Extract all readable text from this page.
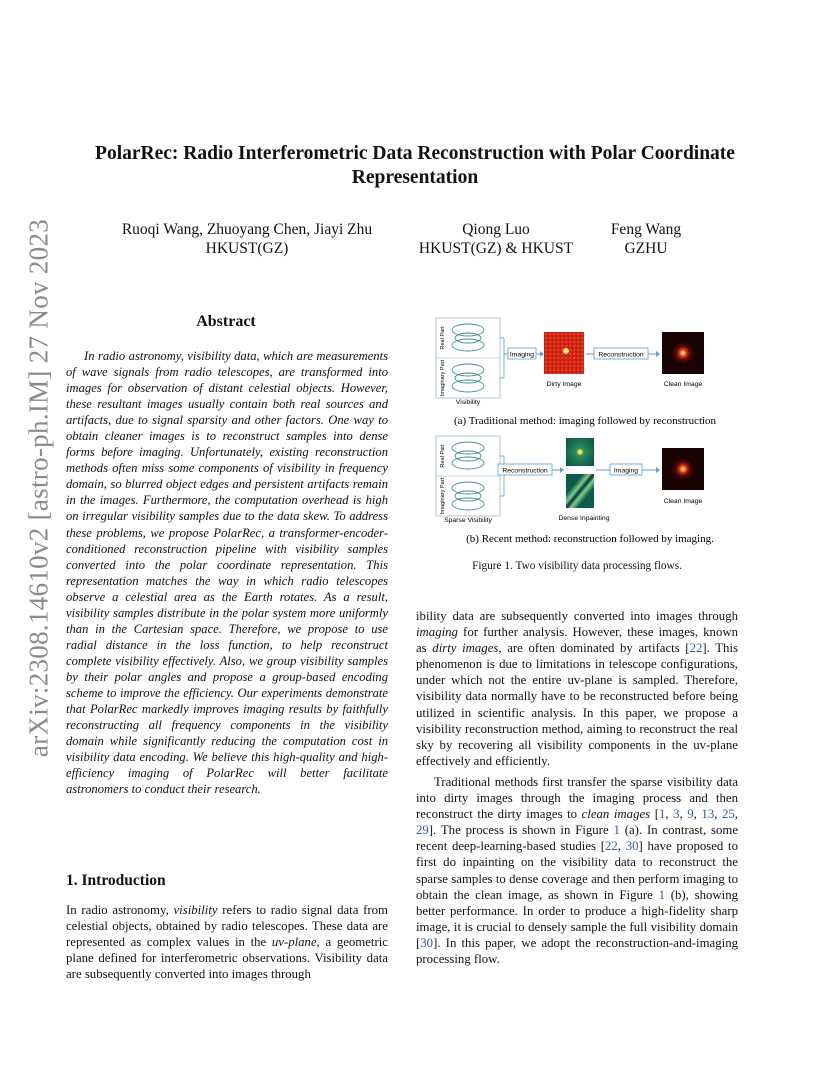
arXiv:2308.14610v2 [astro-ph.IM] 27 Nov 2023
PolarRec: Radio Interferometric Data Reconstruction with Polar Coordinate Representation
Ruoqi Wang, Zhuoyang Chen, Jiayi Zhu
HKUST(GZ)
Qiong Luo
HKUST(GZ) & HKUST
Feng Wang
GZHU
Abstract
In radio astronomy, visibility data, which are measurements of wave signals from radio telescopes, are transformed into images for observation of distant celestial objects. However, these resultant images usually contain both real sources and artifacts, due to signal sparsity and other factors. One way to obtain cleaner images is to reconstruct samples into dense forms before imaging. Unfortunately, existing reconstruction methods often miss some components of visibility in frequency domain, so blurred object edges and persistent artifacts remain in the images. Furthermore, the computation overhead is high on irregular visibility samples due to the data skew. To address these problems, we propose PolarRec, a transformer-encoder-conditioned reconstruction pipeline with visibility samples converted into the polar coordinate representation. This representation matches the way in which radio telescopes observe a celestial area as the Earth rotates. As a result, visibility samples distribute in the polar system more uniformly than in the Cartesian space. Therefore, we propose to use radial distance in the loss function, to help reconstruct complete visibility effectively. Also, we group visibility samples by their polar angles and propose a group-based encoding scheme to improve the efficiency. Our experiments demonstrate that PolarRec markedly improves imaging results by faithfully reconstructing all frequency components in the visibility domain while significantly reducing the computation cost in visibility data encoding. We believe this high-quality and high-efficiency imaging of PolarRec will better facilitate astronomers to conduct their research.
1. Introduction
In radio astronomy, visibility refers to radio signal data from celestial objects, obtained by radio telescopes. These data are represented as complex values in the uv-plane, a geometric plane defined for interferometric observations. Visibility data are subsequently converted into images through
ibility data are subsequently converted into images through imaging for further analysis. However, these images, known as dirty images, are often dominated by artifacts [22]. This phenomenon is due to limitations in telescope configurations, under which not the entire uv-plane is sampled. Therefore, visibility data normally have to be reconstructed before being utilized in scientific analysis. In this paper, we propose a visibility reconstruction method, aiming to reconstruct the real sky by recovering all visibility components in the uv-plane effectively and efficiently.
Traditional methods first transfer the sparse visibility data into dirty images through the imaging process and then reconstruct the dirty images to clean images [1, 3, 9, 13, 25, 29]. The process is shown in Figure 1 (a). In contrast, some recent deep-learning-based studies [22, 30] have proposed to first do inpainting on the visibility data to reconstruct the sparse samples to dense coverage and then perform imaging to obtain the clean image, as shown in Figure 1 (b), showing better performance. In order to produce a high-fidelity sharp image, it is crucial to densely sample the full visibility domain [30]. In this paper, we adopt the reconstruction-and-imaging processing flow.
Real Part
Imaginary Part
Visibility
Imaging
Dirty Image
Reconstruction
Clean Image
(a) Traditional method: imaging followed by reconstruction
Real Part
Imaginary Part
Sparse Visibility
Reconstruction
Dense Inpainting
Imaging
Clean Image
(b) Recent method: reconstruction followed by imaging.
Figure 1. Two visibility data processing flows.
